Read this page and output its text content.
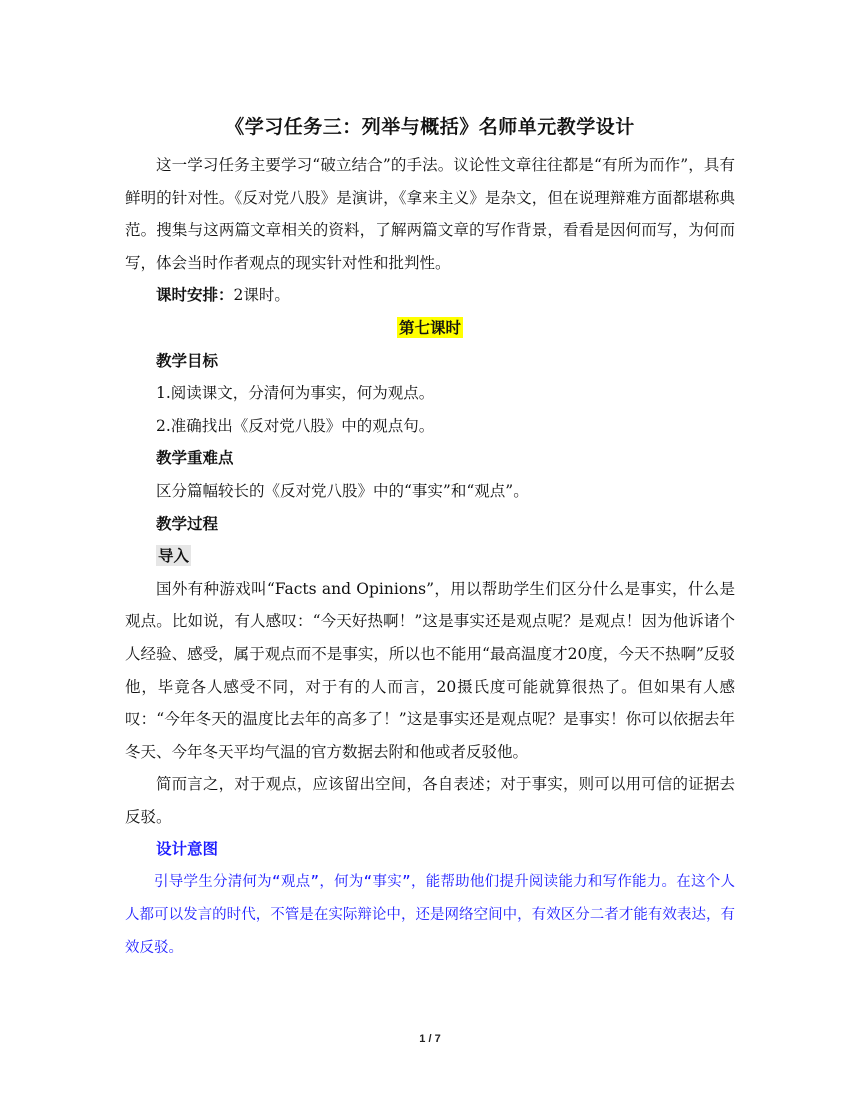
《学习任务三：列举与概括》名师单元教学设计

这一学习任务主要学习“破立结合”的手法。议论性文章往往都是“有所为而作”，具有鲜明的针对性。《反对党八股》是演讲，《拿来主义》是杂文，但在说理辩难方面都堪称典范。搜集与这两篇文章相关的资料，了解两篇文章的写作背景，看看是因何而写，为何而写，体会当时作者观点的现实针对性和批判性。

课时安排：2课时。

第七课时

教学目标

1.阅读课文，分清何为事实，何为观点。

2.准确找出《反对党八股》中的观点句。

教学重难点

区分篇幅较长的《反对党八股》中的“事实”和“观点”。

教学过程

导入

国外有种游戏叫“Facts and Opinions”，用以帮助学生们区分什么是事实，什么是观点。比如说，有人感叹：“今天好热啊！”这是事实还是观点呢？是观点！因为他诉诸个人经验、感受，属于观点而不是事实，所以也不能用“最高温度才20度，今天不热啊”反驳他，毕竟各人感受不同，对于有的人而言，20摄氏度可能就算很热了。但如果有人感叹：“今年冬天的温度比去年的高多了！”这是事实还是观点呢？是事实！你可以依据去年冬天、今年冬天平均气温的官方数据去附和他或者反驳他。

简而言之，对于观点，应该留出空间，各自表述；对于事实，则可以用可信的证据去反驳。

设计意图

引导学生分清何为“观点”，何为“事实”，能帮助他们提升阅读能力和写作能力。在这个人人都可以发言的时代，不管是在实际辩论中，还是网络空间中，有效区分二者才能有效表达，有效反驳。

1 / 7
